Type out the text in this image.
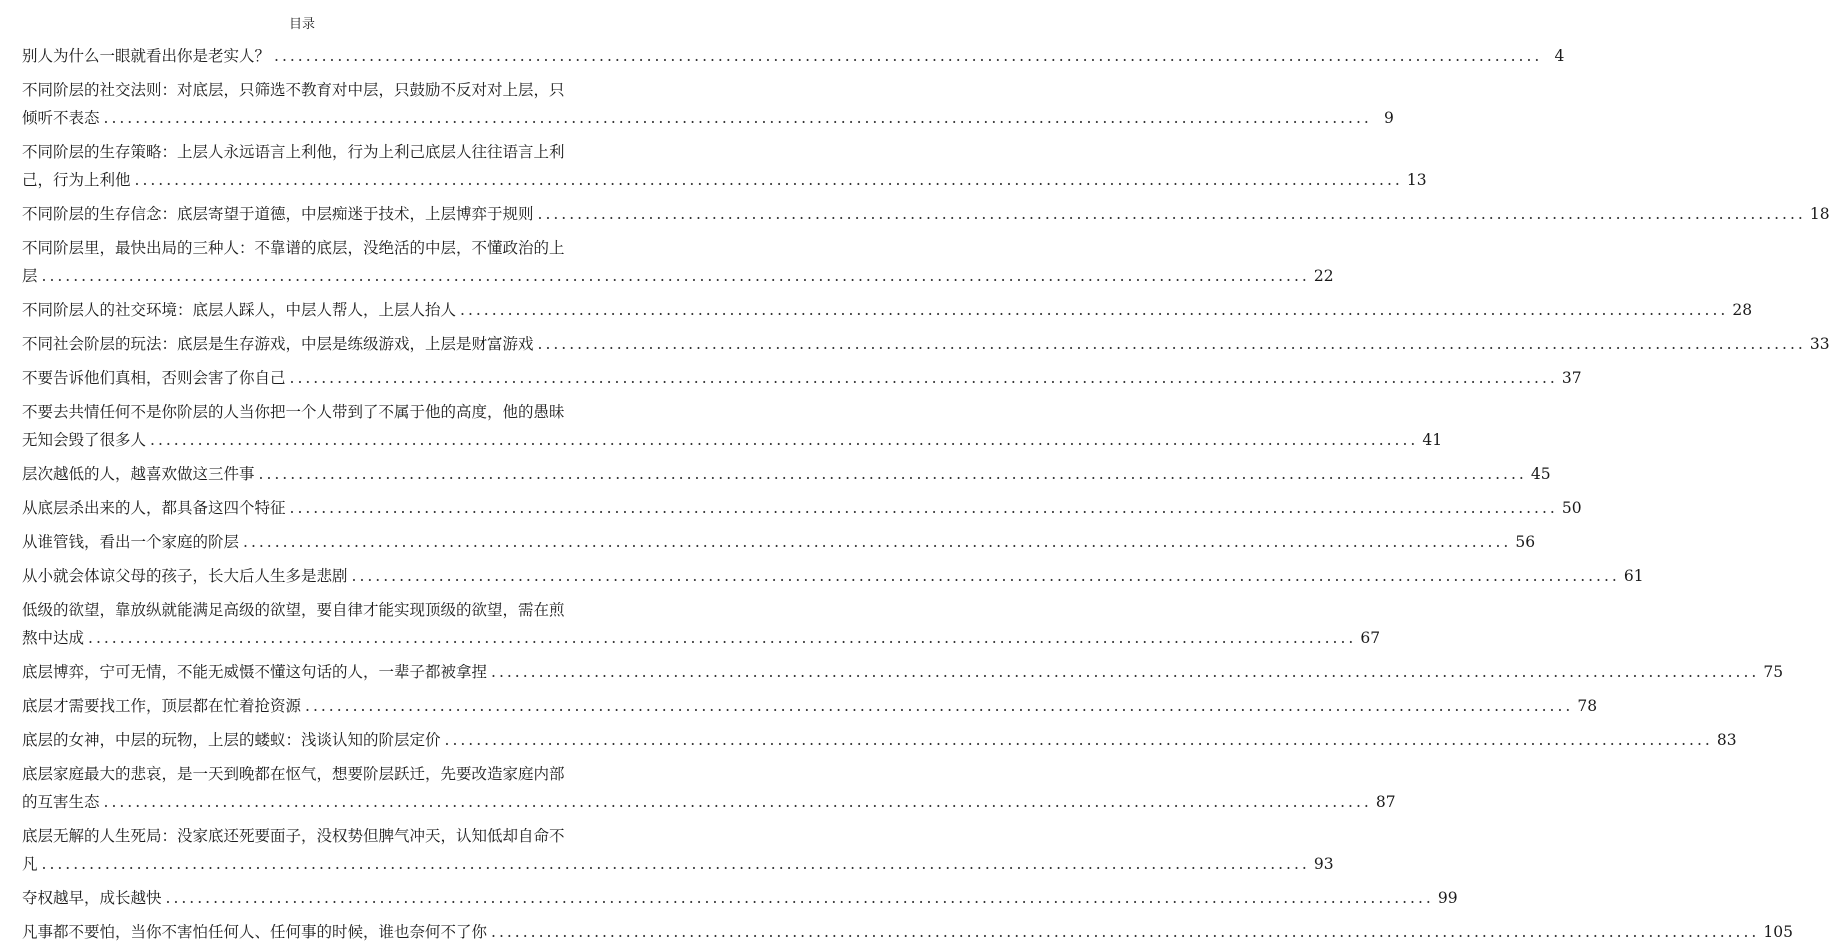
目录
别人为什么一眼就看出你是老实人？ .....	4
不同阶层的社交法则：对底层，只筛选不教育对中层，只鼓励不反对对上层，只
倾听不表态 .....	9
不同阶层的生存策略：上层人永远语言上利他，行为上利己底层人往往语言上利
己，行为上利他 .....	13
不同阶层的生存信念：底层寄望于道德，中层痴迷于技术，上层博弈于规则 .....	18
不同阶层里，最快出局的三种人：不靠谱的底层，没绝活的中层，不懂政治的上
层 .....	22
不同阶层人的社交环境：底层人踩人，中层人帮人，上层人抬人 .....	28
不同社会阶层的玩法：底层是生存游戏，中层是练级游戏，上层是财富游戏 .....	33
不要告诉他们真相，否则会害了你自己 .....	37
不要去共情任何不是你阶层的人当你把一个人带到了不属于他的高度，他的愚昧
无知会毁了很多人 .....	41
层次越低的人，越喜欢做这三件事 .....	45
从底层杀出来的人，都具备这四个特征 .....	50
从谁管钱，看出一个家庭的阶层 .....	56
从小就会体谅父母的孩子，长大后人生多是悲剧 .....	61
低级的欲望，靠放纵就能满足高级的欲望，要自律才能实现顶级的欲望，需在煎
熬中达成 .....	67
底层博弈，宁可无情，不能无威慑不懂这句话的人，一辈子都被拿捏 .....	75
底层才需要找工作，顶层都在忙着抢资源 .....	78
底层的女神，中层的玩物，上层的蝼蚁：浅谈认知的阶层定价 .....	83
底层家庭最大的悲哀，是一天到晚都在怄气，想要阶层跃迁，先要改造家庭内部
的互害生态 .....	87
底层无解的人生死局：没家底还死要面子，没权势但脾气冲天，认知低却自命不
凡 .....	93
夺权越早，成长越快 .....	99
凡事都不要怕，当你不害怕任何人、任何事的时候，谁也奈何不了你 .....	105
